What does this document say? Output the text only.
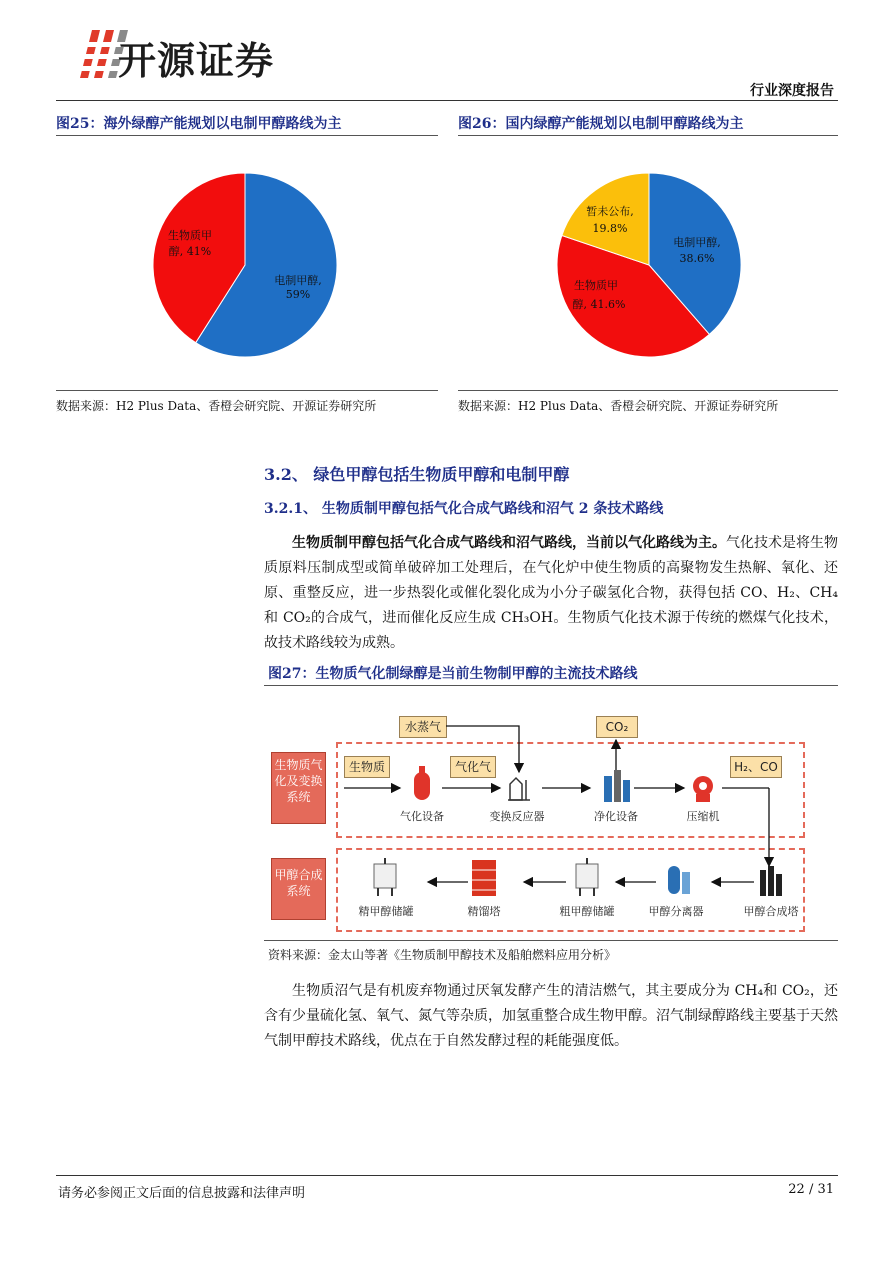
开源证券
行业深度报告
图25：海外绿醇产能规划以电制甲醇路线为主
电制甲醇,
59%
生物质甲
醇, 41%
数据来源：H2 Plus Data、香橙会研究院、开源证券研究所
图26：国内绿醇产能规划以电制甲醇路线为主
电制甲醇,
38.6%
生物质甲
醇, 41.6%
暂未公布,
19.8%
数据来源：H2 Plus Data、香橙会研究院、开源证券研究所
3.2、 绿色甲醇包括生物质甲醇和电制甲醇
3.2.1、 生物质制甲醇包括气化合成气路线和沼气 2 条技术路线
生物质制甲醇包括气化合成气路线和沼气路线，当前以气化路线为主。气化技术是将生物质原料压制成型或简单破碎加工处理后，在气化炉中使生物质的高聚物发生热解、氧化、还原、重整反应，进一步热裂化或催化裂化成为小分子碳氢化合物，获得包括 CO、H₂、CH₄和 CO₂的合成气，进而催化反应生成 CH₃OH。生物质气化技术源于传统的燃煤气化技术，故技术路线较为成熟。
图27：生物质气化制绿醇是当前生物制甲醇的主流技术路线
生物质气化及变换系统
甲醇合成系统
水蒸气
生物质	气化气
CO₂
H₂、CO
气化设备	变换反应器	净化设备	压缩机
精甲醇储罐	精馏塔	粗甲醇储罐	甲醇分离器	甲醇合成塔
资料来源：金太山等著《生物质制甲醇技术及船舶燃料应用分析》
生物质沼气是有机废弃物通过厌氧发酵产生的清洁燃气，其主要成分为 CH₄和 CO₂，还含有少量硫化氢、氧气、氮气等杂质，加氢重整合成生物甲醇。沼气制绿醇路线主要基于天然气制甲醇技术路线，优点在于自然发酵过程的耗能强度低。
请务必参阅正文后面的信息披露和法律声明	22 / 31
